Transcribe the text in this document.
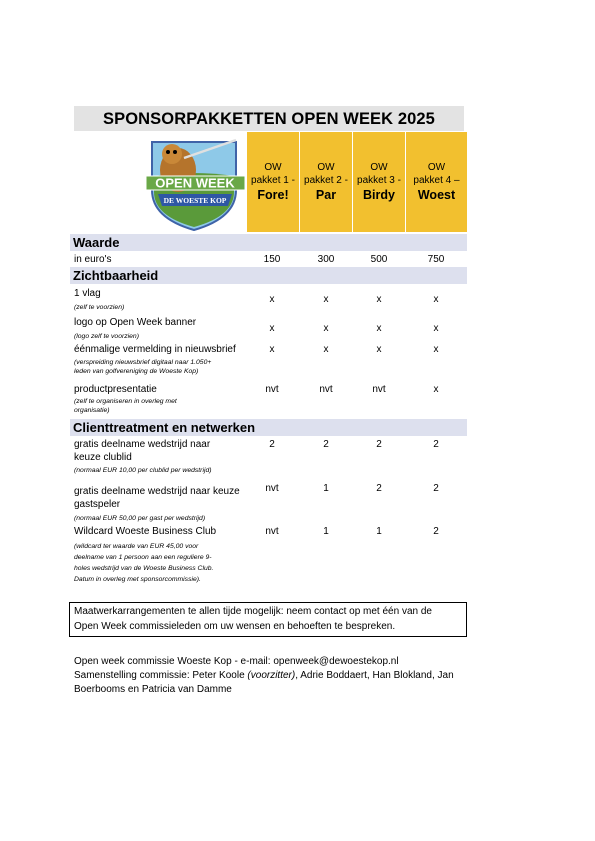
SPONSORPAKKETTEN OPEN WEEK 2025
OPEN WEEK
DE WOESTE KOP
OW
pakket 1 -
Fore!
OW
pakket 2 -
Par
OW
pakket 3 -
Birdy
OW
pakket 4 –
Woest
Waarde
in euro's	150	300	500	750
Zichtbaarheid
1 vlag
(zelf te voorzien)
x	x	x	x
logo op Open Week banner
(logo zelf te voorzien)
x	x	x	x
éénmalige vermelding in nieuwsbrief
(verspreiding nieuwsbrief digitaal naar 1.050+
leden van golfvereniging de Woeste Kop)
x	x	x	x
productpresentatie
(zelf te organiseren in overleg met
organisatie)
nvt	nvt	nvt	x
Clienttreatment en netwerken
gratis deelname wedstrijd naar
keuze clublid
(normaal EUR 10,00 per clublid per wedstrijd)
2	2	2	2
gratis deelname wedstrijd naar keuze
gastspeler
(normaal EUR 50,00 per gast per wedstrijd)
nvt	1	2	2
Wildcard Woeste Business Club
(wildcard ter waarde van EUR 45,00 voor
deelname van 1 persoon aan een reguliere 9-
holes wedstrijd van de Woeste Business Club.
Datum in overleg met sponsorcommissie).
nvt	1	1	2
Maatwerkarrangementen te allen tijde mogelijk: neem contact op met één van de
Open Week commissieleden om uw wensen en behoeften te bespreken.
Open week commissie Woeste Kop - e-mail: openweek@dewoestekop.nl
Samenstelling commissie: Peter Koole (voorzitter), Adrie Boddaert, Han Blokland, Jan
Boerbooms en Patricia van Damme
